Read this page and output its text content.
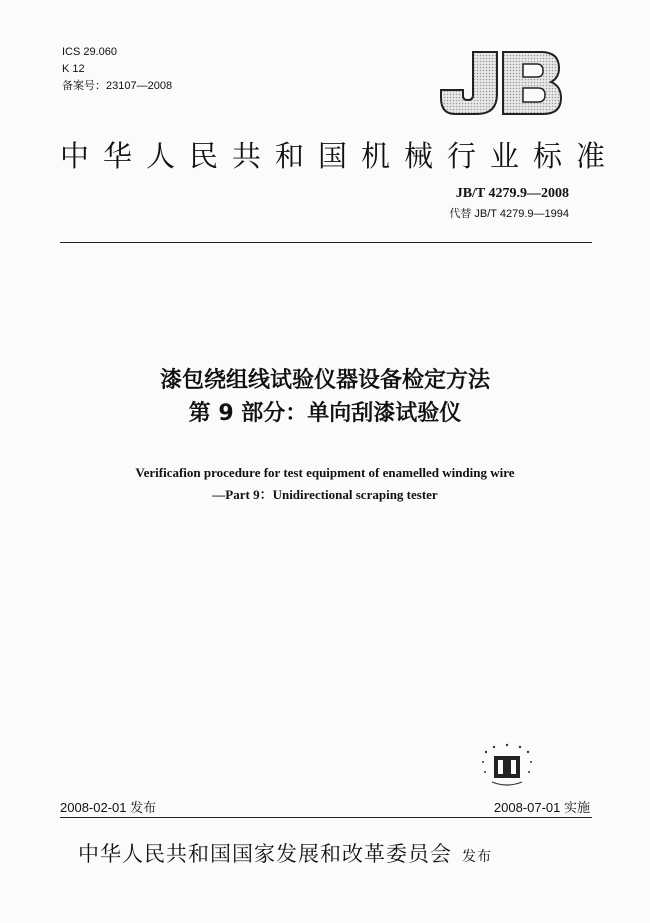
ICS 29.060
K 12
备案号：23107—2008
JB
中华人民共和国机械行业标准
JB/T 4279.9—2008
代替 JB/T 4279.9—1994
漆包绕组线试验仪器设备检定方法
第 9 部分：单向刮漆试验仪
Verificafion procedure for test equipment of enamelled winding wire
—Part 9：Unidirectional scraping tester
2008-02-01 发布	2008-07-01 实施
中华人民共和国国家发展和改革委员会 发布
